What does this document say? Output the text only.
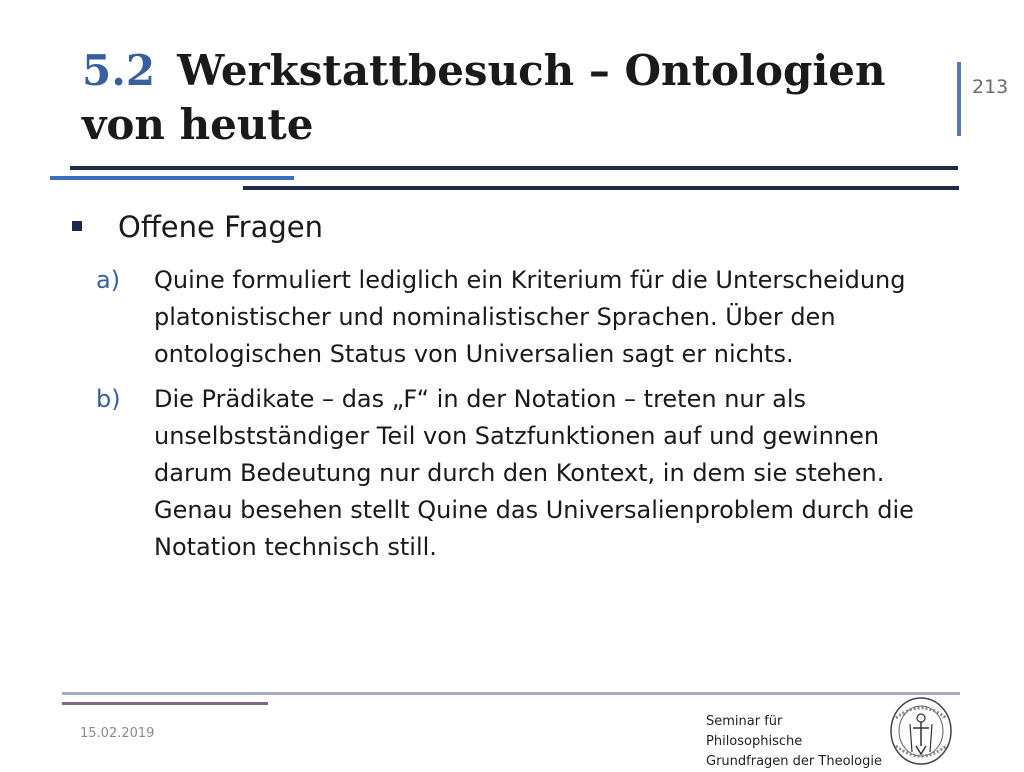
5.2 Werkstattbesuch – Ontologien von heute
213
Offene Fragen
a)	Quine formuliert lediglich ein Kriterium für die Unterscheidung platonistischer und nominalistischer Sprachen. Über den ontologischen Status von Universalien sagt er nichts.
b)	Die Prädikate – das „F“ in der Notation – treten nur als unselbstständiger Teil von Satzfunktionen auf und gewinnen darum Bedeutung nur durch den Kontext, in dem sie stehen. Genau besehen stellt Quine das Universalienproblem durch die Notation technisch still.
15.02.2019
Seminar für Philosophische
Grundfragen der Theologie
